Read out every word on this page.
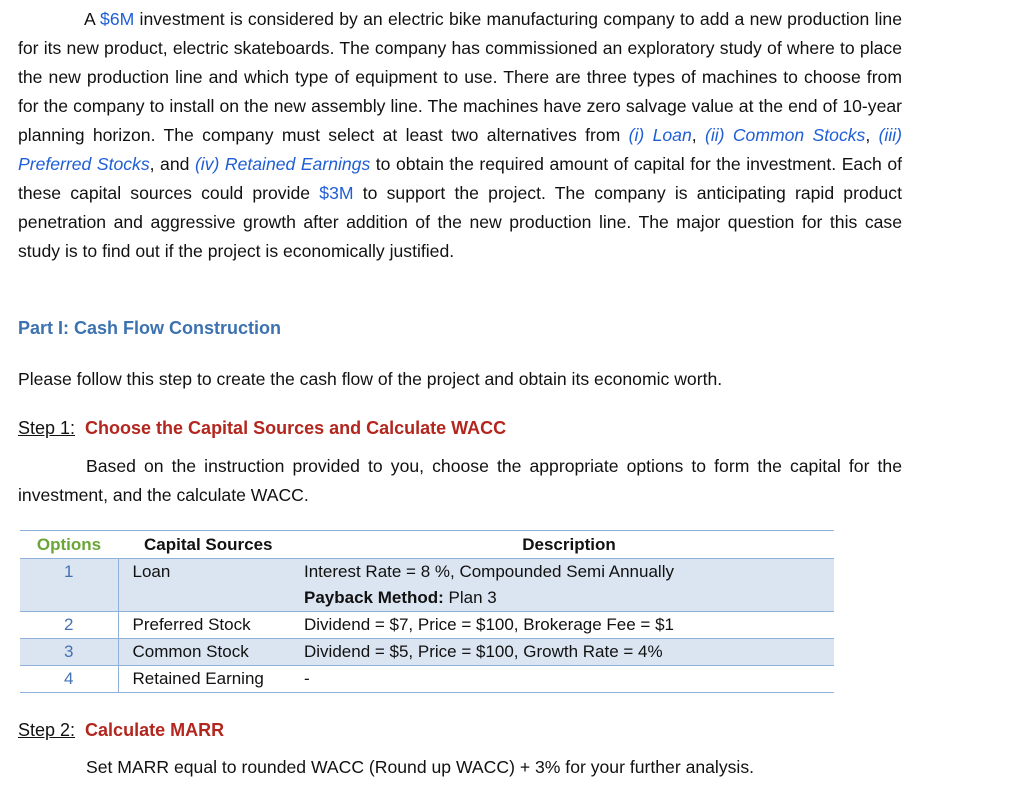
A $6M investment is considered by an electric bike manufacturing company to add a new production line for its new product, electric skateboards. The company has commissioned an exploratory study of where to place the new production line and which type of equipment to use. There are three types of machines to choose from for the company to install on the new assembly line. The machines have zero salvage value at the end of 10-year planning horizon. The company must select at least two alternatives from (i) Loan, (ii) Common Stocks, (iii) Preferred Stocks, and (iv) Retained Earnings to obtain the required amount of capital for the investment. Each of these capital sources could provide $3M to support the project. The company is anticipating rapid product penetration and aggressive growth after addition of the new production line. The major question for this case study is to find out if the project is economically justified.
Part I: Cash Flow Construction
Please follow this step to create the cash flow of the project and obtain its economic worth.
Step 1: Choose the Capital Sources and Calculate WACC
Based on the instruction provided to you, choose the appropriate options to form the capital for the investment, and the calculate WACC.
Options	Capital Sources	Description
1	Loan	Interest Rate = 8 %, Compounded Semi Annually
Payback Method: Plan 3

2	Preferred Stock	Dividend = $7, Price = $100, Brokerage Fee = $1
3	Common Stock	Dividend = $5, Price = $100, Growth Rate = 4%
4	Retained Earning	-
Step 2: Calculate MARR
Set MARR equal to rounded WACC (Round up WACC) + 3% for your further analysis.
